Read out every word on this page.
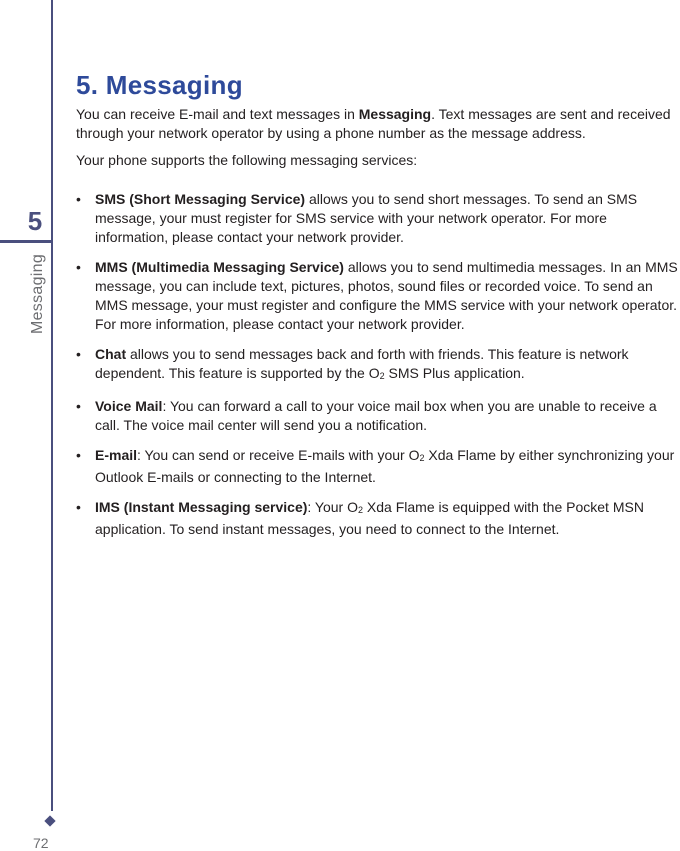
5
Messaging
72
5. Messaging

You can receive E-mail and text messages in Messaging. Text messages are sent and received through your network operator by using a phone number as the message address.

Your phone supports the following messaging services:

• SMS (Short Messaging Service) allows you to send short messages. To send an SMS message, your must register for SMS service with your network operator. For more information, please contact your network provider.
• MMS (Multimedia Messaging Service) allows you to send multimedia messages. In an MMS message, you can include text, pictures, photos, sound files or recorded voice. To send an MMS message, your must register and configure the MMS service with your network operator. For more information, please contact your network provider.
• Chat allows you to send messages back and forth with friends. This feature is network dependent. This feature is supported by the $O_2$ SMS Plus application.
• Voice Mail: You can forward a call to your voice mail box when you are unable to receive a call. The voice mail center will send you a notification.
• E-mail: You can send or receive E-mails with your $O_2$ Xda Flame by either synchronizing your Outlook E-mails or connecting to the Internet.
• IMS (Instant Messaging service): Your $O_2$ Xda Flame is equipped with the Pocket MSN application. To send instant messages, you need to connect to the Internet.
